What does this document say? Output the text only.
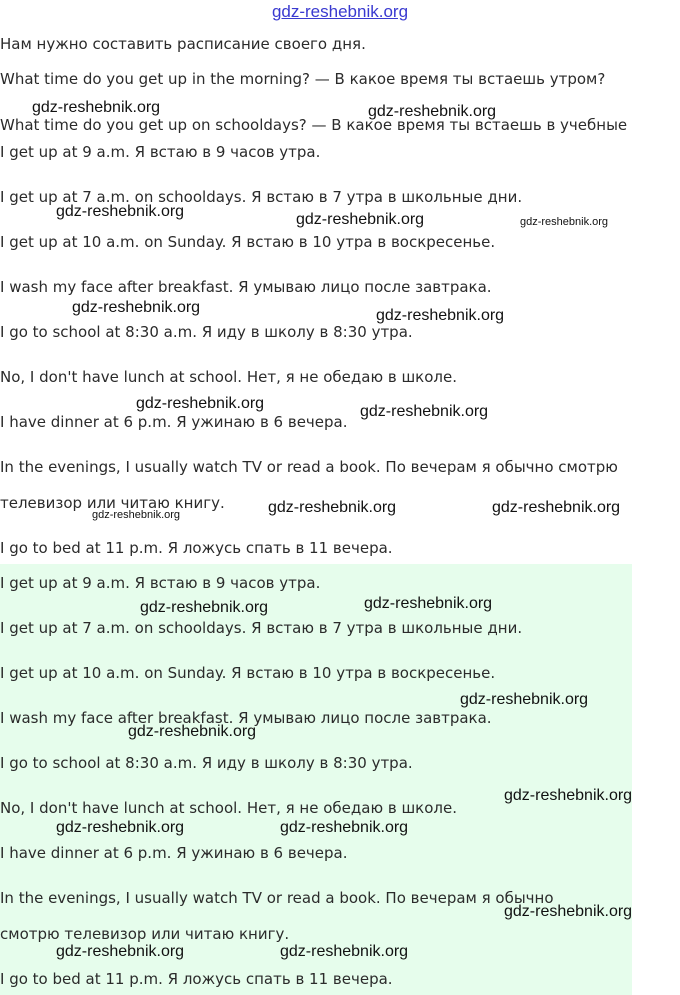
gdz-reshebnik.org
Нам нужно составить расписание своего дня.
What time do you get up in the morning? — В какое время ты встаешь утром?
What time do you get up on schooldays? — В какое время ты встаешь в учебные
I get up at 9 a.m. Я встаю в 9 часов утра.
I get up at 7 a.m. on schooldays. Я встаю в 7 утра в школьные дни.
I get up at 10 a.m. on Sunday. Я встаю в 10 утра в воскресенье.
I wash my face after breakfast. Я умываю лицо после завтрака.
I go to school at 8:30 a.m. Я иду в школу в 8:30 утра.
No, I don't have lunch at school. Нет, я не обедаю в школе.
I have dinner at 6 p.m. Я ужинаю в 6 вечера.
In the evenings, I usually watch TV or read a book. По вечерам я обычно смотрю
телевизор или читаю книгу.
I go to bed at 11 p.m. Я ложусь спать в 11 вечера.
I get up at 9 a.m. Я встаю в 9 часов утра.
I get up at 7 a.m. on schooldays. Я встаю в 7 утра в школьные дни.
I get up at 10 a.m. on Sunday. Я встаю в 10 утра в воскресенье.
I wash my face after breakfast. Я умываю лицо после завтрака.
I go to school at 8:30 a.m. Я иду в школу в 8:30 утра.
No, I don't have lunch at school. Нет, я не обедаю в школе.
I have dinner at 6 p.m. Я ужинаю в 6 вечера.
In the evenings, I usually watch TV or read a book. По вечерам я обычно
смотрю телевизор или читаю книгу.
I go to bed at 11 p.m. Я ложусь спать в 11 вечера.
gdz-reshebnik.org	gdz-reshebnik.org
gdz-reshebnik.org	gdz-reshebnik.org	gdz-reshebnik.org
gdz-reshebnik.org	gdz-reshebnik.org
gdz-reshebnik.org	gdz-reshebnik.org
gdz-reshebnik.org	gdz-reshebnik.org	gdz-reshebnik.org
gdz-reshebnik.org	gdz-reshebnik.org
gdz-reshebnik.org
gdz-reshebnik.org
gdz-reshebnik.org
gdz-reshebnik.org	gdz-reshebnik.org
gdz-reshebnik.org
gdz-reshebnik.org	gdz-reshebnik.org
